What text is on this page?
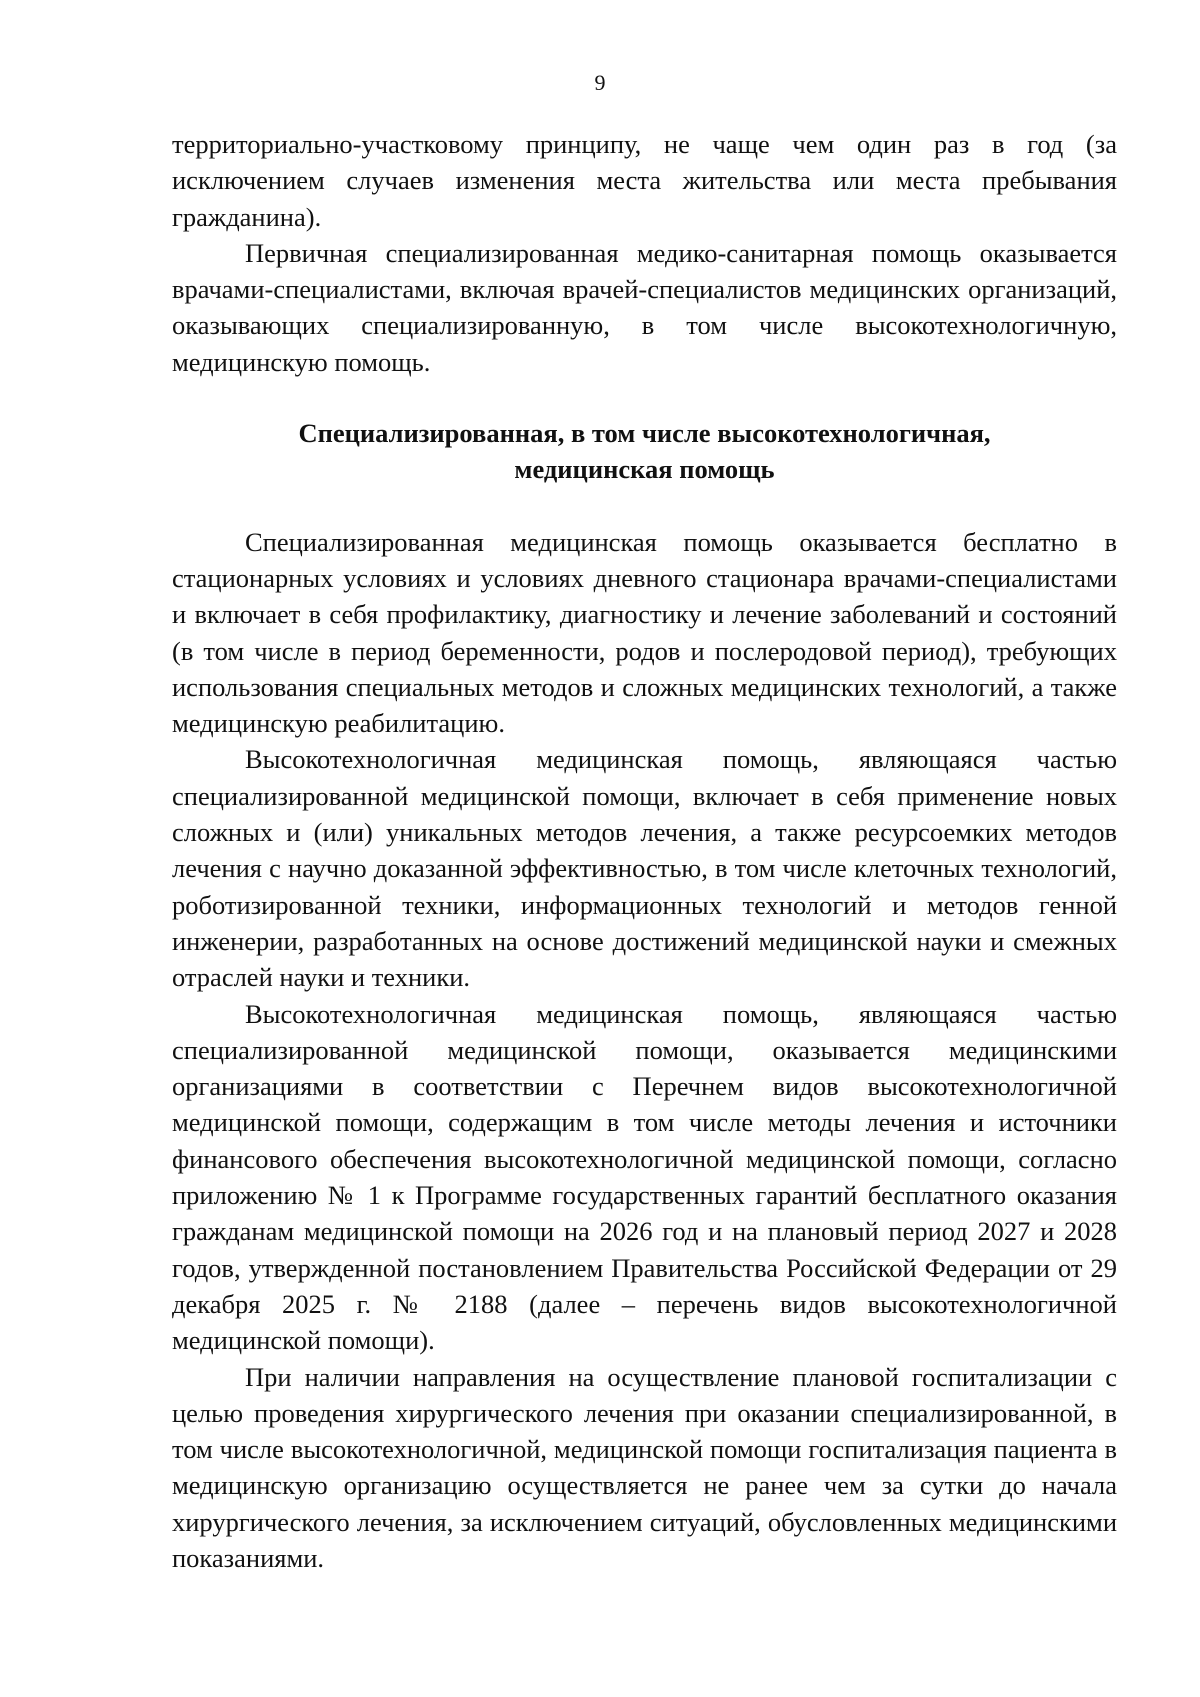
9

территориально-участковому принципу, не чаще чем один раз в год (за исключением случаев изменения места жительства или места пребывания гражданина).

Первичная специализированная медико-санитарная помощь оказывается врачами-специалистами, включая врачей-специалистов медицинских организаций, оказывающих специализированную, в том числе высокотехнологичную, медицинскую помощь.

Специализированная, в том числе высокотехнологичная,
медицинская помощь

Специализированная медицинская помощь оказывается бесплатно в стационарных условиях и условиях дневного стационара врачами-специалистами и включает в себя профилактику, диагностику и лечение заболеваний и состояний (в том числе в период беременности, родов и послеродовой период), требующих использования специальных методов и сложных медицинских технологий, а также медицинскую реабилитацию.

Высокотехнологичная медицинская помощь, являющаяся частью специализированной медицинской помощи, включает в себя применение новых сложных и (или) уникальных методов лечения, а также ресурсоемких методов лечения с научно доказанной эффективностью, в том числе клеточных технологий, роботизированной техники, информационных технологий и методов генной инженерии, разработанных на основе достижений медицинской науки и смежных отраслей науки и техники.

Высокотехнологичная медицинская помощь, являющаяся частью специализированной медицинской помощи, оказывается медицинскими организациями в соответствии с Перечнем видов высокотехнологичной медицинской помощи, содержащим в том числе методы лечения и источники финансового обеспечения высокотехнологичной медицинской помощи, согласно приложению № 1 к Программе государственных гарантий бесплатного оказания гражданам медицинской помощи на 2026 год и на плановый период 2027 и 2028 годов, утвержденной постановлением Правительства Российской Федерации от 29 декабря 2025 г. № 2188 (далее – перечень видов высокотехнологичной медицинской помощи).

При наличии направления на осуществление плановой госпитализации с целью проведения хирургического лечения при оказании специализированной, в том числе высокотехнологичной, медицинской помощи госпитализация пациента в медицинскую организацию осуществляется не ранее чем за сутки до начала хирургического лечения, за исключением ситуаций, обусловленных медицинскими показаниями.
